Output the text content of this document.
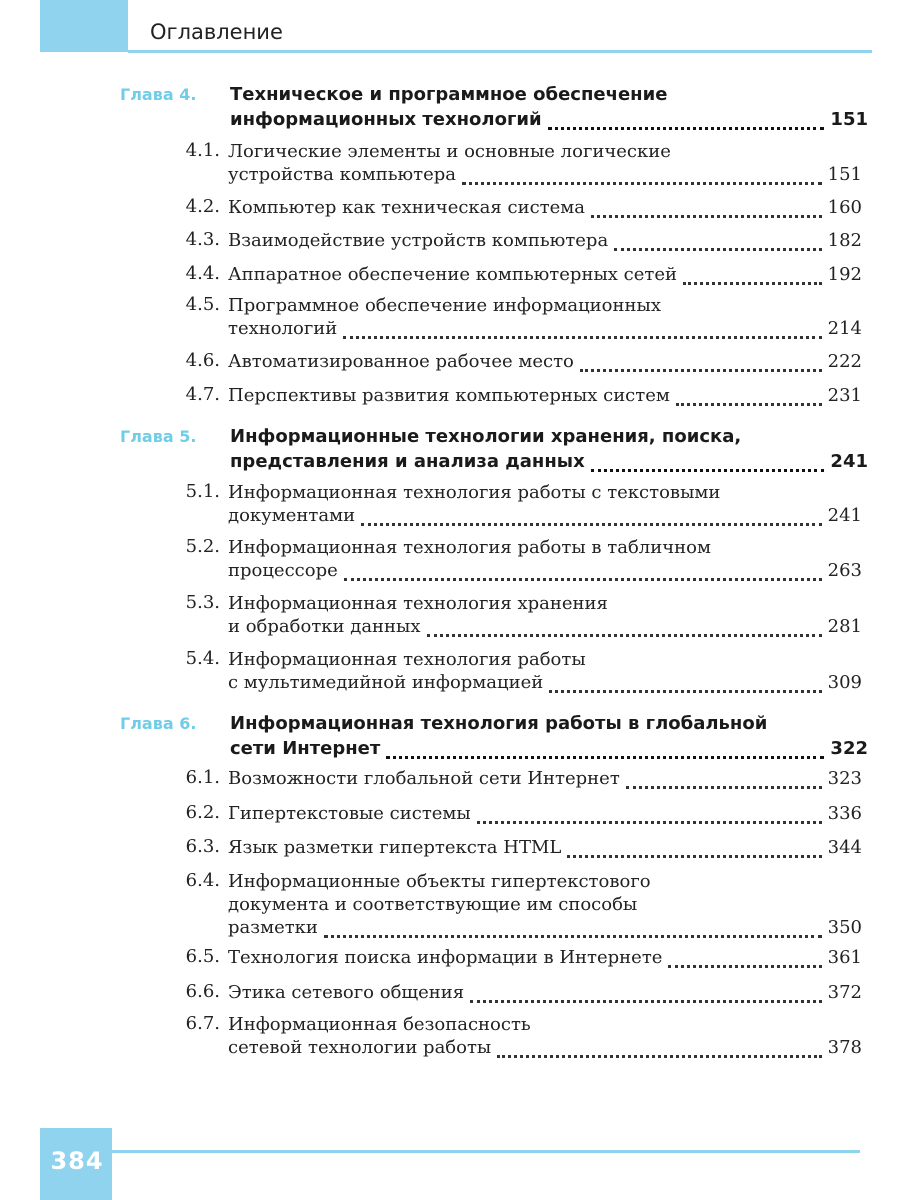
Оглавление
Глава 4. Техническое и программное обеспечение
информационных технологий	151
4.1. Логические элементы и основные логические
устройства компьютера	151
4.2. Компьютер как техническая система	160
4.3. Взаимодействие устройств компьютера	182
4.4. Аппаратное обеспечение компьютерных сетей	192
4.5. Программное обеспечение информационных
технологий	214
4.6. Автоматизированное рабочее место	222
4.7. Перспективы развития компьютерных систем	231
Глава 5. Информационные технологии хранения, поиска,
представления и анализа данных	241
5.1. Информационная технология работы с текстовыми
документами	241
5.2. Информационная технология работы в табличном
процессоре	263
5.3. Информационная технология хранения
и обработки данных	281
5.4. Информационная технология работы
с мультимедийной информацией	309
Глава 6. Информационная технология работы в глобальной
сети Интернет	322
6.1. Возможности глобальной сети Интернет	323
6.2. Гипертекстовые системы	336
6.3. Язык разметки гипертекста HTML	344
6.4. Информационные объекты гипертекстового
документа и соответствующие им способы
разметки	350
6.5. Технология поиска информации в Интернете	361
6.6. Этика сетевого общения	372
6.7. Информационная безопасность
сетевой технологии работы	378
384
